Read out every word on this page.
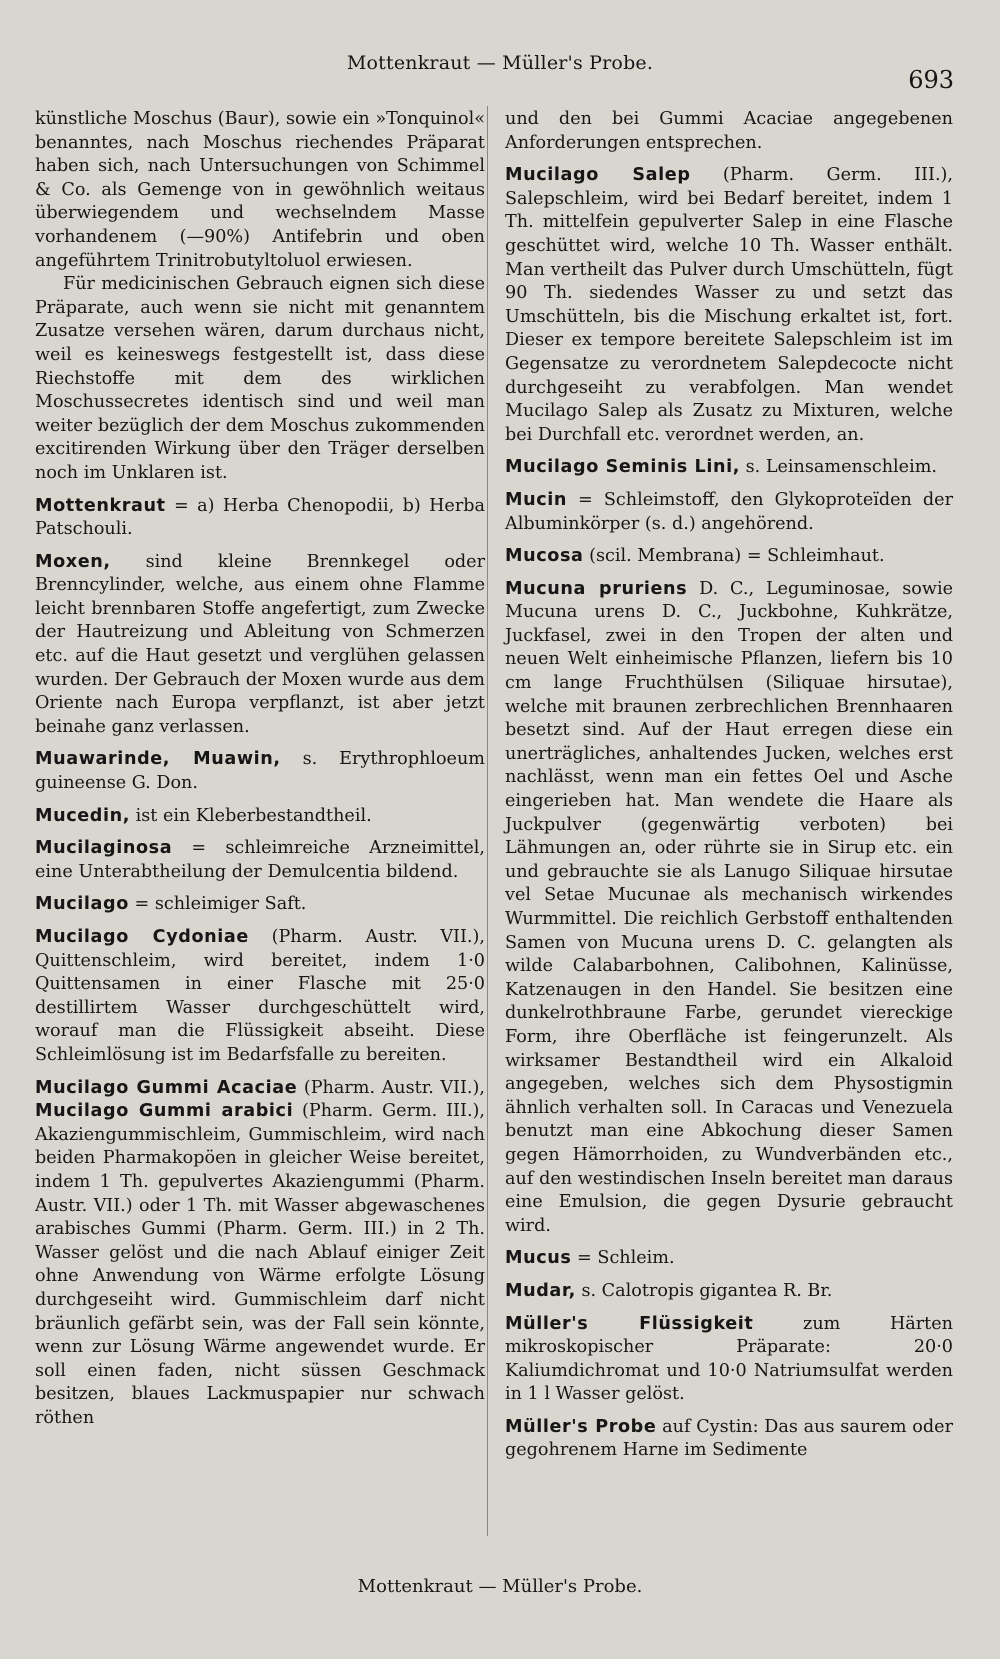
Mottenkraut — Müller's Probe.
693

künstliche Moschus (Baur), sowie ein »Tonquinol« benanntes, nach Moschus riechendes Präparat haben sich, nach Untersuchungen von Schimmel & Co. als Gemenge von in gewöhnlich weitaus überwiegendem und wechselndem Masse vorhandenem (—90%) Antifebrin und oben angeführtem Trinitrobutyltoluol erwiesen.

Für medicinischen Gebrauch eignen sich diese Präparate, auch wenn sie nicht mit genanntem Zusatze versehen wären, darum durchaus nicht, weil es keineswegs festgestellt ist, dass diese Riechstoffe mit dem des wirklichen Moschussecretes identisch sind und weil man weiter bezüglich der dem Moschus zukommenden excitirenden Wirkung über den Träger derselben noch im Unklaren ist.

Mottenkraut = a) Herba Chenopodii, b) Herba Patschouli.

Moxen, sind kleine Brennkegel oder Brenncylinder, welche, aus einem ohne Flamme leicht brennbaren Stoffe angefertigt, zum Zwecke der Hautreizung und Ableitung von Schmerzen etc. auf die Haut gesetzt und verglühen gelassen wurden. Der Gebrauch der Moxen wurde aus dem Oriente nach Europa verpflanzt, ist aber jetzt beinahe ganz verlassen.

Muawarinde, Muawin, s. Erythrophloeum guineense G. Don.

Mucedin, ist ein Kleberbestandtheil.

Mucilaginosa = schleimreiche Arzneimittel, eine Unterabtheilung der Demulcentia bildend.

Mucilago = schleimiger Saft.

Mucilago Cydoniae (Pharm. Austr. VII.), Quittenschleim, wird bereitet, indem 1·0 Quittensamen in einer Flasche mit 25·0 destillirtem Wasser durchgeschüttelt wird, worauf man die Flüssigkeit abseiht. Diese Schleimlösung ist im Bedarfsfalle zu bereiten.

Mucilago Gummi Acaciae (Pharm. Austr. VII.), Mucilago Gummi arabici (Pharm. Germ. III.), Akaziengummischleim, Gummischleim, wird nach beiden Pharmakopöen in gleicher Weise bereitet, indem 1 Th. gepulvertes Akaziengummi (Pharm. Austr. VII.) oder 1 Th. mit Wasser abgewaschenes arabisches Gummi (Pharm. Germ. III.) in 2 Th. Wasser gelöst und die nach Ablauf einiger Zeit ohne Anwendung von Wärme erfolgte Lösung durchgeseiht wird. Gummischleim darf nicht bräunlich gefärbt sein, was der Fall sein könnte, wenn zur Lösung Wärme angewendet wurde. Er soll einen faden, nicht süssen Geschmack besitzen, blaues Lackmuspapier nur schwach röthen

und den bei Gummi Acaciae angegebenen Anforderungen entsprechen.

Mucilago Salep (Pharm. Germ. III.), Salepschleim, wird bei Bedarf bereitet, indem 1 Th. mittelfein gepulverter Salep in eine Flasche geschüttet wird, welche 10 Th. Wasser enthält. Man vertheilt das Pulver durch Umschütteln, fügt 90 Th. siedendes Wasser zu und setzt das Umschütteln, bis die Mischung erkaltet ist, fort. Dieser ex tempore bereitete Salepschleim ist im Gegensatze zu verordnetem Salepdecocte nicht durchgeseiht zu verabfolgen. Man wendet Mucilago Salep als Zusatz zu Mixturen, welche bei Durchfall etc. verordnet werden, an.

Mucilago Seminis Lini, s. Leinsamenschleim.

Mucin = Schleimstoff, den Glykoproteïden der Albuminkörper (s. d.) angehörend.

Mucosa (scil. Membrana) = Schleimhaut.

Mucuna pruriens D. C., Leguminosae, sowie Mucuna urens D. C., Juckbohne, Kuhkrätze, Juckfasel, zwei in den Tropen der alten und neuen Welt einheimische Pflanzen, liefern bis 10 cm lange Fruchthülsen (Siliquae hirsutae), welche mit braunen zerbrechlichen Brennhaaren besetzt sind. Auf der Haut erregen diese ein unerträgliches, anhaltendes Jucken, welches erst nachlässt, wenn man ein fettes Oel und Asche eingerieben hat. Man wendete die Haare als Juckpulver (gegenwärtig verboten) bei Lähmungen an, oder rührte sie in Sirup etc. ein und gebrauchte sie als Lanugo Siliquae hirsutae vel Setae Mucunae als mechanisch wirkendes Wurmmittel. Die reichlich Gerbstoff enthaltenden Samen von Mucuna urens D. C. gelangten als wilde Calabarbohnen, Calibohnen, Kalinüsse, Katzenaugen in den Handel. Sie besitzen eine dunkelrothbraune Farbe, gerundet viereckige Form, ihre Oberfläche ist feingerunzelt. Als wirksamer Bestandtheil wird ein Alkaloid angegeben, welches sich dem Physostigmin ähnlich verhalten soll. In Caracas und Venezuela benutzt man eine Abkochung dieser Samen gegen Hämorrhoiden, zu Wundverbänden etc., auf den westindischen Inseln bereitet man daraus eine Emulsion, die gegen Dysurie gebraucht wird.

Mucus = Schleim.

Mudar, s. Calotropis gigantea R. Br.

Müller's Flüssigkeit zum Härten mikroskopischer Präparate: 20·0 Kaliumdichromat und 10·0 Natriumsulfat werden in 1 l Wasser gelöst.

Müller's Probe auf Cystin: Das aus saurem oder gegohrenem Harne im Sedimente

Mottenkraut — Müller's Probe.
